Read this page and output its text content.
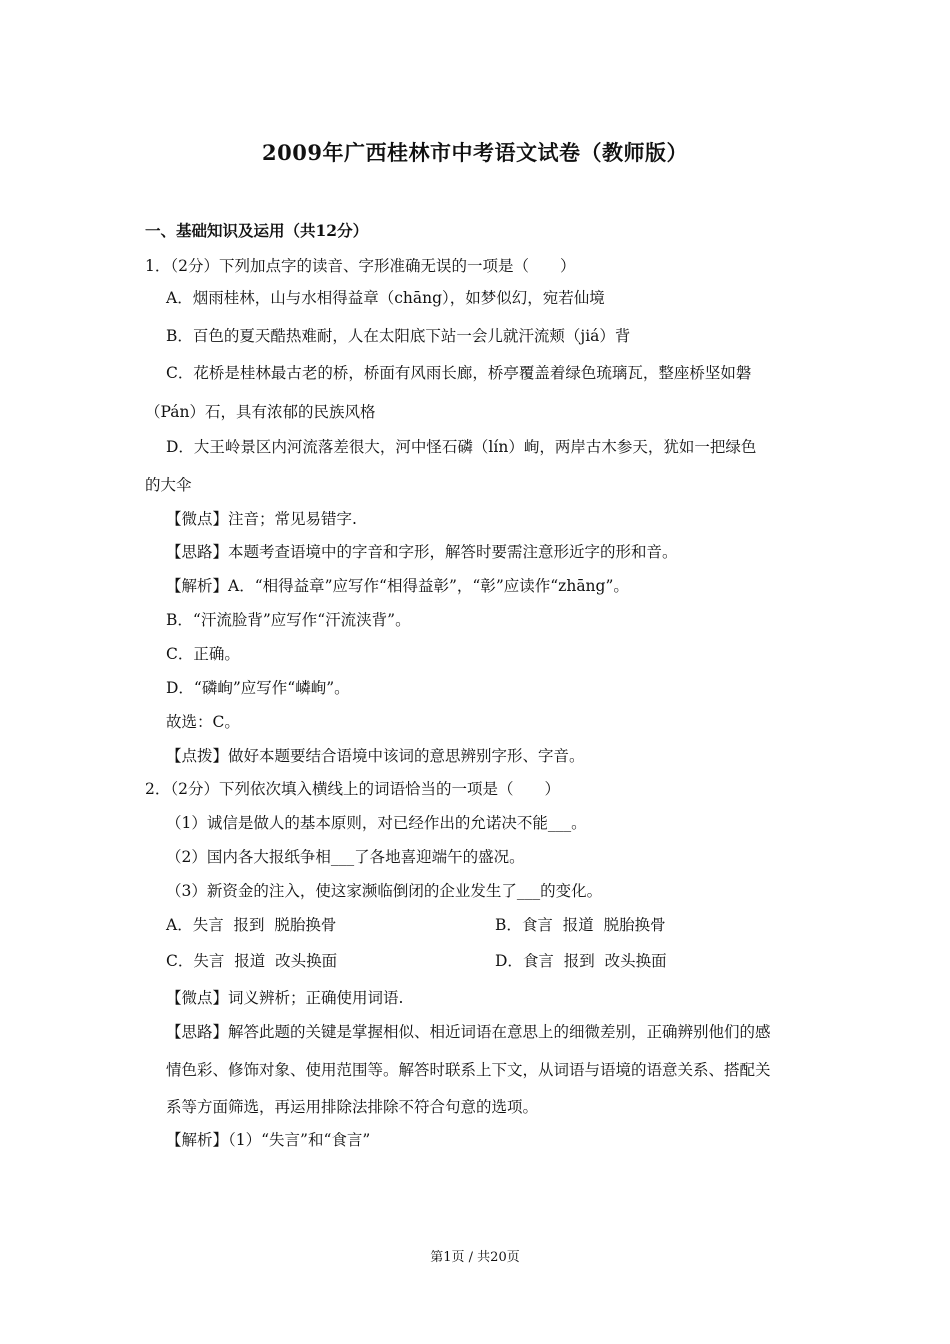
2009年广西桂林市中考语文试卷（教师版）
一、基础知识及运用（共12分）
1．（2分）下列加点字的读音、字形准确无误的一项是（　　）
A．烟雨桂林，山与水相得益章（chāng），如梦似幻，宛若仙境
B．百色的夏天酷热难耐，人在太阳底下站一会儿就汗流颊（jiá）背
C．花桥是桂林最古老的桥，桥面有风雨长廊，桥亭覆盖着绿色琉璃瓦，整座桥坚如磐
（Pán）石，具有浓郁的民族风格
D．大王岭景区内河流落差很大，河中怪石磷（lín）峋，两岸古木参天，犹如一把绿色
的大伞
【微点】注音；常见易错字.
【思路】本题考查语境中的字音和字形，解答时要需注意形近字的形和音。
【解析】A．“相得益章”应写作“相得益彰”，“彰”应读作“zhāng”。
B．“汗流脸背”应写作“汗流浃背”。
C．正确。
D．“磷峋”应写作“嶙峋”。
故选：C。
【点拨】做好本题要结合语境中该词的意思辨别字形、字音。
2．（2分）下列依次填入横线上的词语恰当的一项是（　　）
（1）诚信是做人的基本原则，对已经作出的允诺决不能___。
（2）国内各大报纸争相___了各地喜迎端午的盛况。
（3）新资金的注入，使这家濒临倒闭的企业发生了___的变化。
A．失言  报到  脱胎换骨	B．食言  报道  脱胎换骨
C．失言  报道  改头换面	D．食言  报到  改头换面
【微点】词义辨析；正确使用词语.
【思路】解答此题的关键是掌握相似、相近词语在意思上的细微差别，正确辨别他们的感
情色彩、修饰对象、使用范围等。解答时联系上下文，从词语与语境的语意关系、搭配关
系等方面筛选，再运用排除法排除不符合句意的选项。
【解析】（1）“失言”和“食言”
第1页 / 共20页
